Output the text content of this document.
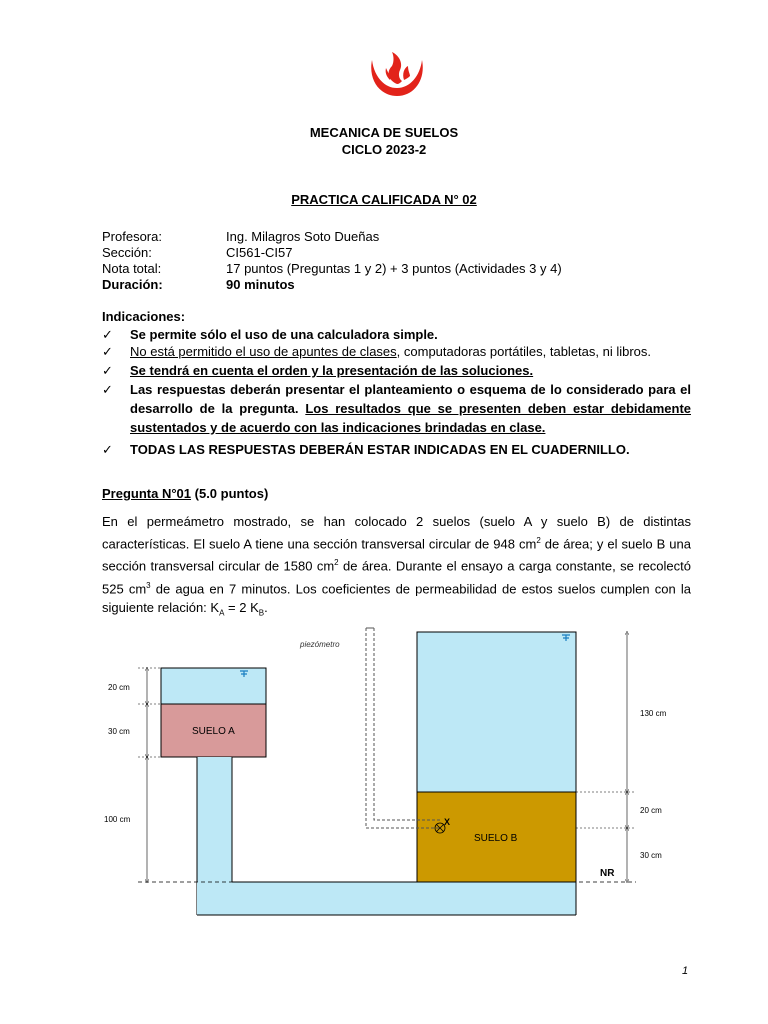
MECANICA DE SUELOS
CICLO 2023-2
PRACTICA CALIFICADA N° 02
Profesora:	Ing. Milagros Soto Dueñas
Sección:	CI561-CI57
Nota total:	17 puntos (Preguntas 1 y 2) + 3 puntos (Actividades 3 y 4)
Duración:	90 minutos
Indicaciones:
✓ Se permite sólo el uso de una calculadora simple.
✓ No está permitido el uso de apuntes de clases, computadoras portátiles, tabletas, ni libros.
✓ Se tendrá en cuenta el orden y la presentación de las soluciones.
✓ Las respuestas deberán presentar el planteamiento o esquema de lo considerado para el desarrollo de la pregunta. Los resultados que se presenten deben estar debidamente sustentados y de acuerdo con las indicaciones brindadas en clase.
✓ TODAS LAS RESPUESTAS DEBERÁN ESTAR INDICADAS EN EL CUADERNILLO.
Pregunta N°01 (5.0 puntos)
En el permeámetro mostrado, se han colocado 2 suelos (suelo A y suelo B) de distintas características. El suelo A tiene una sección transversal circular de 948 $cm^2$ de área; y el suelo B una sección transversal circular de 1580 $cm^2$ de área. Durante el ensayo a carga constante, se recolectó 525 $cm^3$ de agua en 7 minutos. Los coeficientes de permeabilidad de estos suelos cumplen con la siguiente relación: $K_A = 2$ $K_B$.
piezómetro
X
SUELO A
SUELO B
NR
20 cm
30 cm
100 cm
130 cm
20 cm
30 cm
1
